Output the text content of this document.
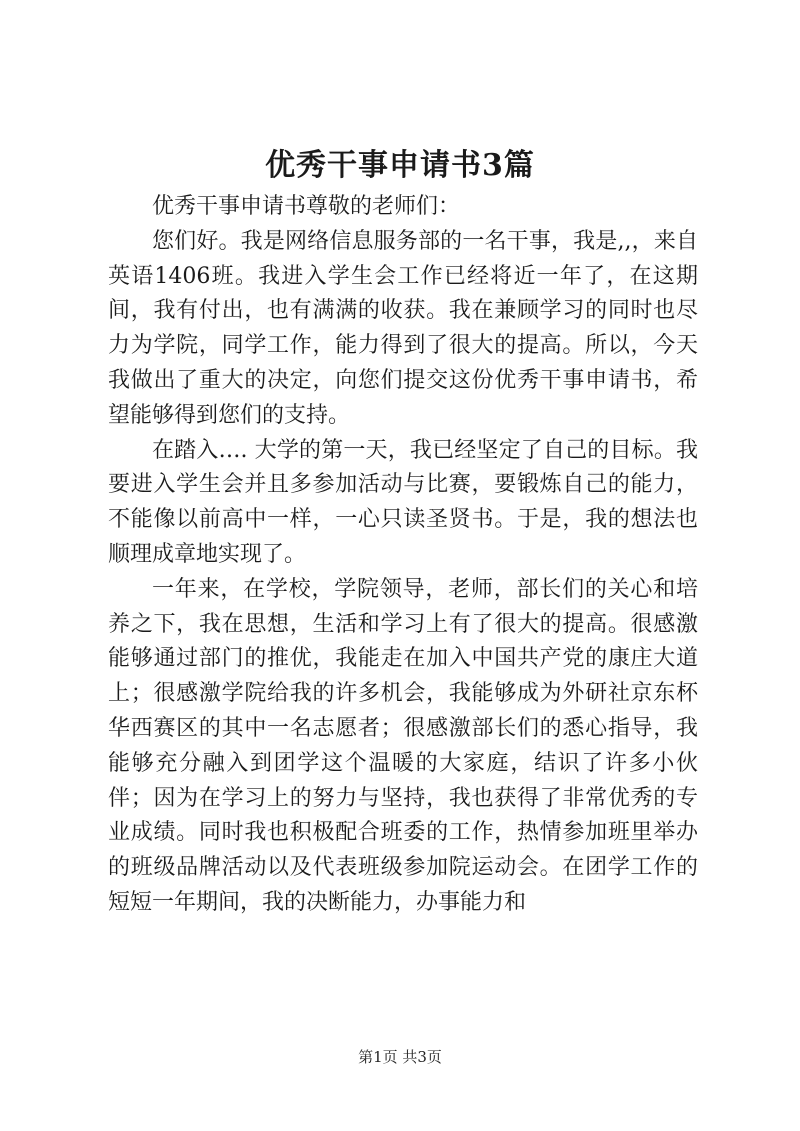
优秀干事申请书3篇

优秀干事申请书尊敬的老师们：

您们好。我是网络信息服务部的一名干事，我是,,，来自英语1406班。我进入学生会工作已经将近一年了，在这期间，我有付出，也有满满的收获。我在兼顾学习的同时也尽力为学院，同学工作，能力得到了很大的提高。所以，今天我做出了重大的决定，向您们提交这份优秀干事申请书，希望能够得到您们的支持。

在踏入…. 大学的第一天，我已经坚定了自己的目标。我要进入学生会并且多参加活动与比赛，要锻炼自己的能力，不能像以前高中一样，一心只读圣贤书。于是，我的想法也顺理成章地实现了。

一年来，在学校，学院领导，老师，部长们的关心和培养之下，我在思想，生活和学习上有了很大的提高。很感激能够通过部门的推优，我能走在加入中国共产党的康庄大道上；很感激学院给我的许多机会，我能够成为外研社京东杯华西赛区的其中一名志愿者；很感激部长们的悉心指导，我能够充分融入到团学这个温暖的大家庭，结识了许多小伙伴；因为在学习上的努力与坚持，我也获得了非常优秀的专业成绩。同时我也积极配合班委的工作，热情参加班里举办的班级品牌活动以及代表班级参加院运动会。在团学工作的短短一年期间，我的决断能力，办事能力和

第1页 共3页
